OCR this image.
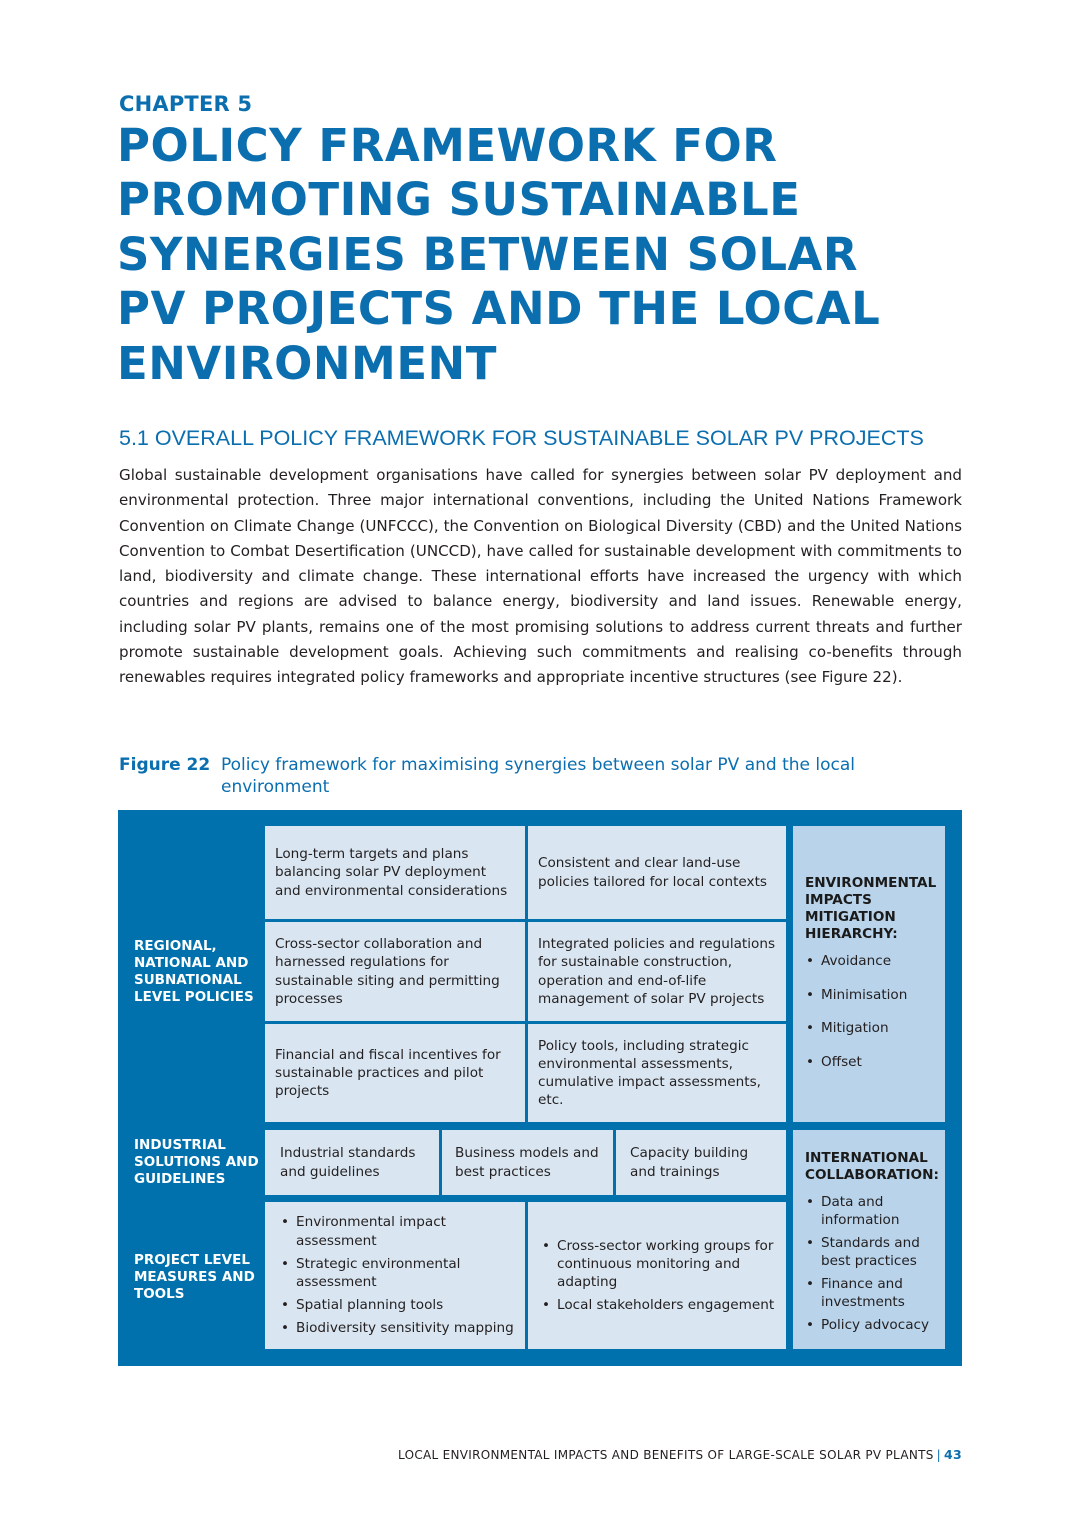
CHAPTER 5
POLICY FRAMEWORK FOR
PROMOTING SUSTAINABLE
SYNERGIES BETWEEN SOLAR
PV PROJECTS AND THE LOCAL
ENVIRONMENT
5.1 OVERALL POLICY FRAMEWORK FOR SUSTAINABLE SOLAR PV PROJECTS

Global sustainable development organisations have called for synergies between solar PV deployment and environmental protection. Three major international conventions, including the United Nations Framework Convention on Climate Change (UNFCCC), the Convention on Biological Diversity (CBD) and the United Nations Convention to Combat Desertification (UNCCD), have called for sustainable development with commitments to land, biodiversity and climate change. These international efforts have increased the urgency with which countries and regions are advised to balance energy, biodiversity and land issues. Renewable energy, including solar PV plants, remains one of the most promising solutions to address current threats and further promote sustainable development goals. Achieving such commitments and realising co-benefits through renewables requires integrated policy frameworks and appropriate incentive structures (see Figure 22).

Figure 22 Policy framework for maximising synergies between solar PV and the local environment
REGIONAL, NATIONAL AND SUBNATIONAL LEVEL POLICIES
INDUSTRIAL SOLUTIONS AND GUIDELINES
PROJECT LEVEL MEASURES AND TOOLS

Long-term targets and plans balancing solar PV deployment and environmental considerations

Consistent and clear land-use policies tailored for local contexts

Cross-sector collaboration and harnessed regulations for sustainable siting and permitting processes

Integrated policies and regulations for sustainable construction, operation and end-of-life management of solar PV projects

Financial and fiscal incentives for sustainable practices and pilot projects

Policy tools, including strategic environmental assessments, cumulative impact assessments, etc.

Industrial standards and guidelines

Business models and best practices

Capacity building and trainings

• Environmental impact assessment
• Strategic environmental assessment
• Spatial planning tools
• Biodiversity sensitivity mapping
• Cross-sector working groups for continuous monitoring and adapting
• Local stakeholders engagement
ENVIRONMENTAL IMPACTS MITIGATION HIERARCHY:
• Avoidance
• Minimisation
• Mitigation
• Offset
INTERNATIONAL COLLABORATION:
• Data and information
• Standards and best practices
• Finance and investments
• Policy advocacy
LOCAL ENVIRONMENTAL IMPACTS AND BENEFITS OF LARGE-SCALE SOLAR PV PLANTS | 43
